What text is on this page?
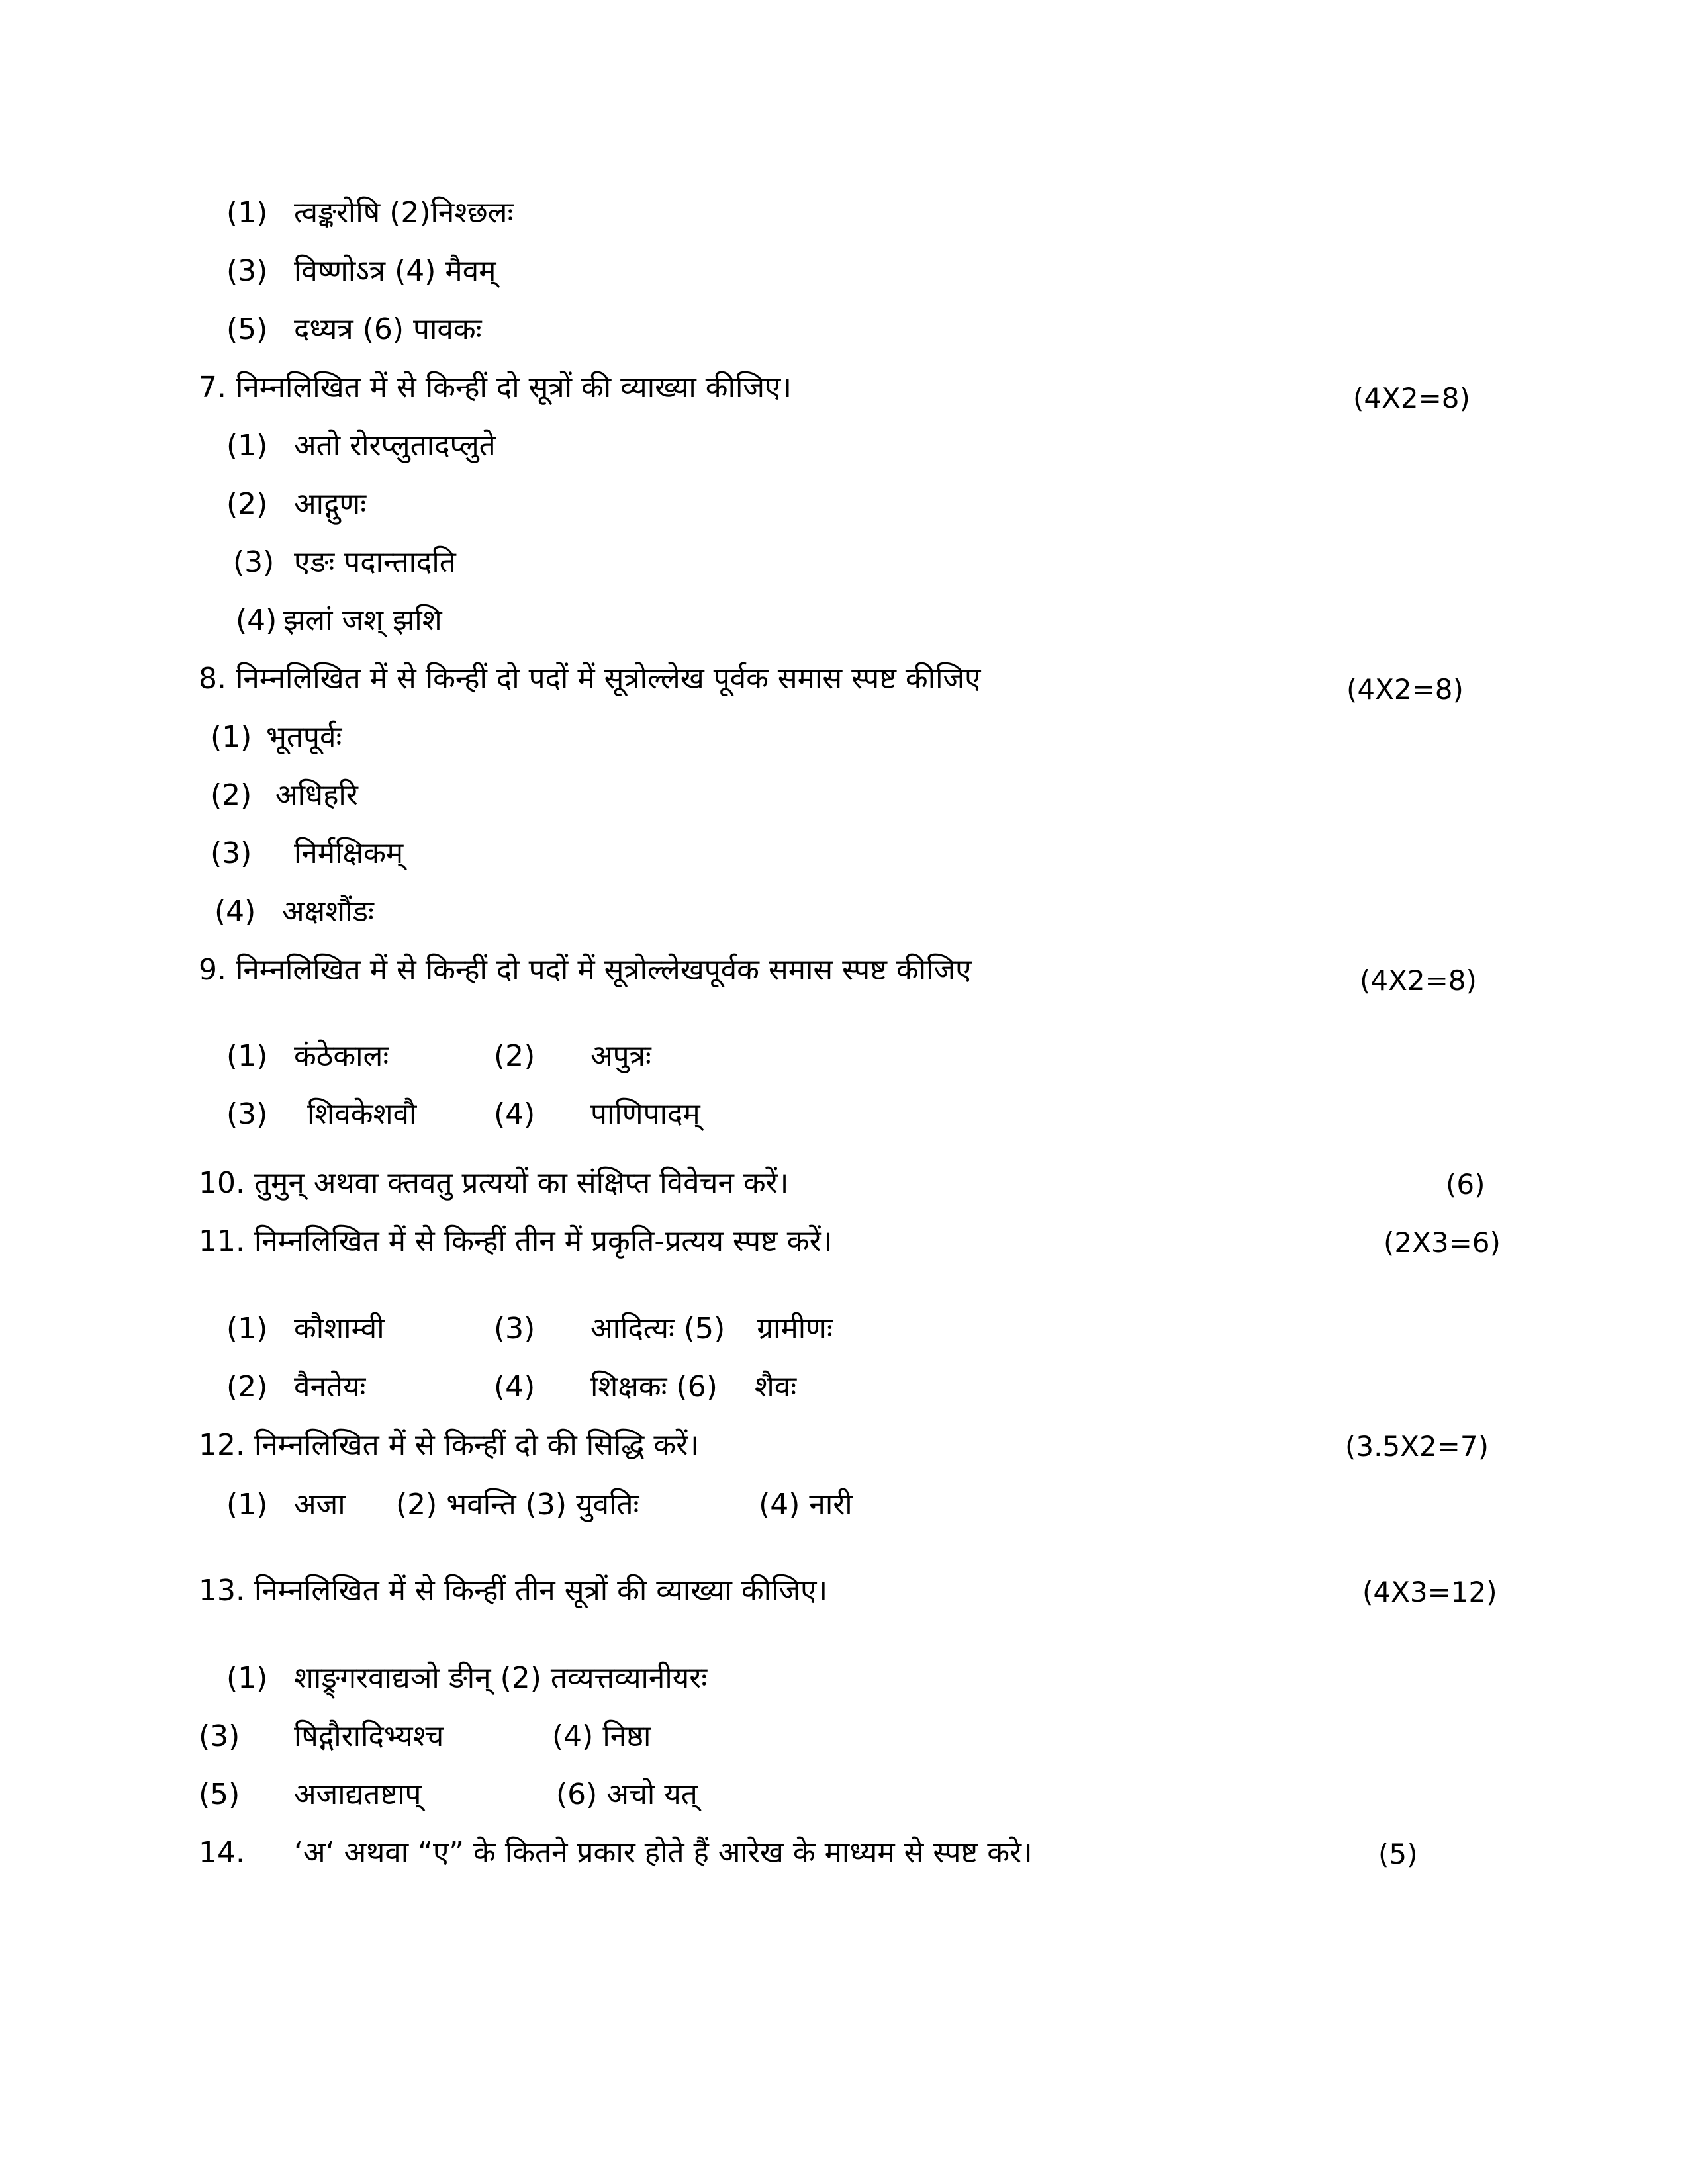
(1) त्वङ्करोषि (2)निश्छलः
(3) विष्णोऽत्र (4) मैवम्
(5) दध्यत्र (6) पावकः
7. निम्नलिखित में से किन्हीं दो सूत्रों की व्याख्या कीजिए।	(4X2=8)
(1) अतो रोरप्लुतादप्लुते
(2) आद्गुणः
(3) एङः पदान्तादति
(4) झलां जश् झशि
8. निम्नलिखित में से किन्हीं दो पदों में सूत्रोल्लेख पूर्वक समास स्पष्ट कीजिए	(4X2=8)
(1) भूतपूर्वः
(2) अधिहरि
(3) निर्मक्षिकम्
(4) अक्षशौंडः
9. निम्नलिखित में से किन्हीं दो पदों में सूत्रोल्लेखपूर्वक समास स्पष्ट कीजिए	(4X2=8)
(1) कंठेकालः	(2) अपुत्रः
(3) शिवकेशवौ	(4) पाणिपादम्
10. तुमुन् अथवा क्तवतु प्रत्ययों का संक्षिप्त विवेचन करें।	(6)
11. निम्नलिखित में से किन्हीं तीन में प्रकृति-प्रत्यय स्पष्ट करें।	(2X3=6)
(1) कौशाम्वी	(3) आदित्यः (5) ग्रामीणः
(2) वैनतेयः	(4) शिक्षकः (6) शैवः
12. निम्नलिखित में से किन्हीं दो की सिद्धि करें।	(3.5X2=7)
(1) अजा (2) भवन्ति (3) युवतिः	(4) नारी
13. निम्नलिखित में से किन्हीं तीन सूत्रों की व्याख्या कीजिए।	(4X3=12)
(1) शाङ्र्गरवाद्यञो ङीन् (2) तव्यत्तव्यानीयरः
(3) षिद्गौरादिभ्यश्च	(4) निष्ठा
(5) अजाद्यतष्टाप्	(6) अचो यत्
14. ‘अ‘ अथवा “ए” के कितने प्रकार होते हैं आरेख के माध्यम से स्पष्ट करे।	(5)
